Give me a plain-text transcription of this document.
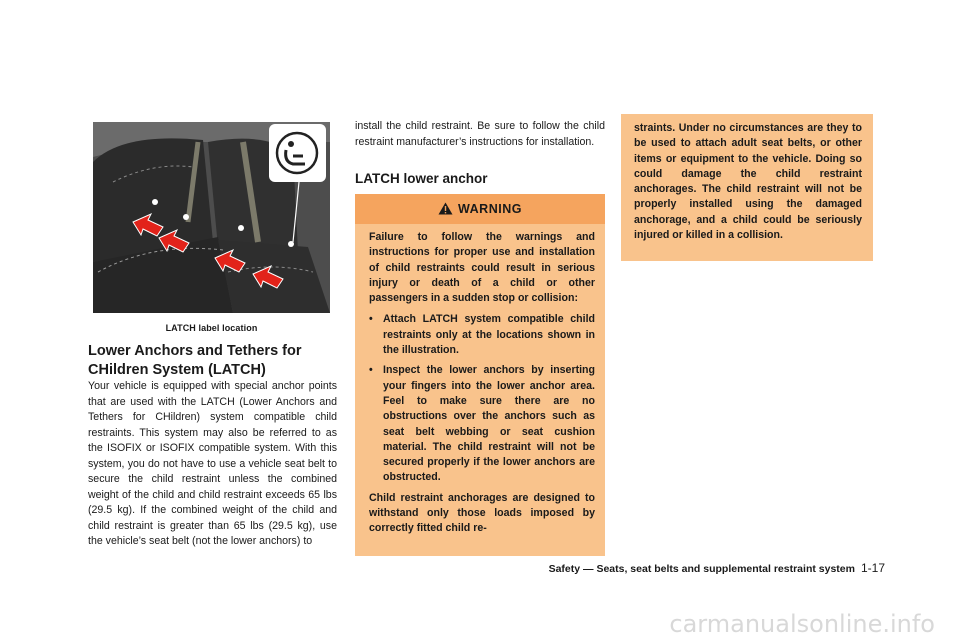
LATCH label location
Lower Anchors and Tethers for CHildren System (LATCH)
Your vehicle is equipped with special anchor points that are used with the LATCH (Lower Anchors and Tethers for CHildren) system compatible child restraints. This system may also be referred to as the ISOFIX or ISOFIX compatible system. With this system, you do not have to use a vehicle seat belt to secure the child restraint unless the combined weight of the child and child restraint exceeds 65 lbs (29.5 kg). If the combined weight of the child and child restraint is greater than 65 lbs (29.5 kg), use the vehicle’s seat belt (not the lower anchors) to
install the child restraint. Be sure to follow the child restraint manufacturer’s instructions for installation.
LATCH lower anchor
WARNING

Failure to follow the warnings and instructions for proper use and installation of child restraints could result in serious injury or death of a child or other passengers in a sudden stop or collision:

• Attach LATCH system compatible child restraints only at the locations shown in the illustration.
• Inspect the lower anchors by inserting your fingers into the lower anchor area. Feel to make sure there are no obstructions over the anchors such as seat belt webbing or seat cushion material. The child restraint will not be secured properly if the lower anchors are obstructed.

Child restraint anchorages are designed to withstand only those loads imposed by correctly fitted child re-

straints. Under no circumstances are they to be used to attach adult seat belts, or other items or equipment to the vehicle. Doing so could damage the child restraint anchorages. The child restraint will not be properly installed using the damaged anchorage, and a child could be seriously injured or killed in a collision.
Safety — Seats, seat belts and supplemental restraint system 1-17
carmanualsonline.info
